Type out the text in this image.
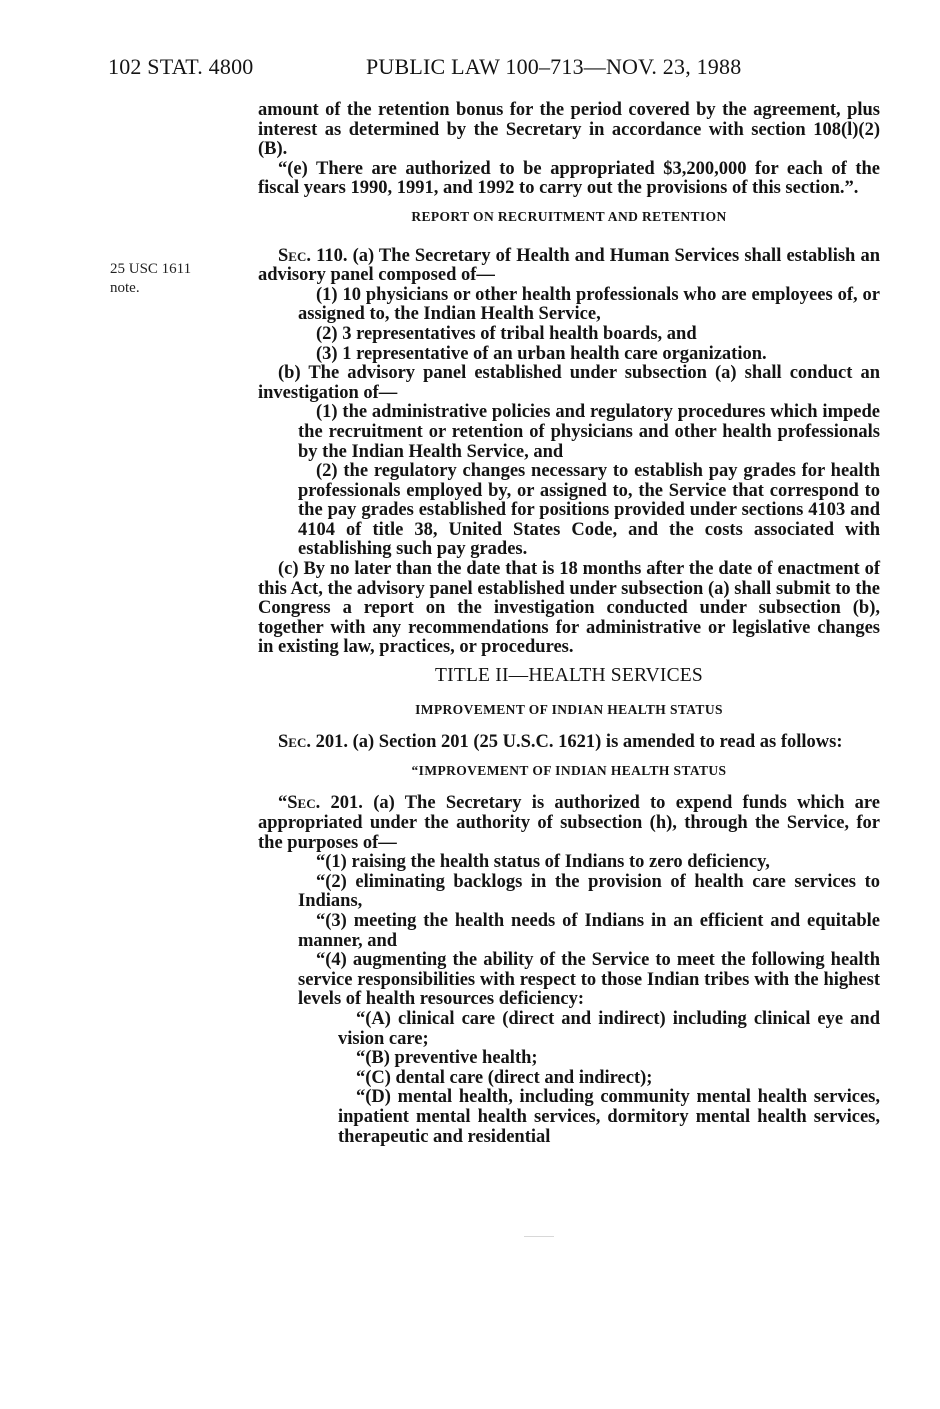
102 STAT. 4800	PUBLIC LAW 100–713—NOV. 23, 1988
25 USC 1611
note.

amount of the retention bonus for the period covered by the agreement, plus interest as determined by the Secretary in accordance with section 108(l)(2)(B).

“(e) There are authorized to be appropriated $3,200,000 for each of the fiscal years 1990, 1991, and 1992 to carry out the provisions of this section.”.

REPORT ON RECRUITMENT AND RETENTION

Sec. 110. (a) The Secretary of Health and Human Services shall establish an advisory panel composed of—

(1) 10 physicians or other health professionals who are employees of, or assigned to, the Indian Health Service,

(2) 3 representatives of tribal health boards, and

(3) 1 representative of an urban health care organization.

(b) The advisory panel established under subsection (a) shall conduct an investigation of—

(1) the administrative policies and regulatory procedures which impede the recruitment or retention of physicians and other health professionals by the Indian Health Service, and

(2) the regulatory changes necessary to establish pay grades for health professionals employed by, or assigned to, the Service that correspond to the pay grades established for positions provided under sections 4103 and 4104 of title 38, United States Code, and the costs associated with establishing such pay grades.

(c) By no later than the date that is 18 months after the date of enactment of this Act, the advisory panel established under subsection (a) shall submit to the Congress a report on the investigation conducted under subsection (b), together with any recommendations for administrative or legislative changes in existing law, practices, or procedures.

TITLE II—HEALTH SERVICES

IMPROVEMENT OF INDIAN HEALTH STATUS

Sec. 201. (a) Section 201 (25 U.S.C. 1621) is amended to read as follows:

“IMPROVEMENT OF INDIAN HEALTH STATUS

“Sec. 201. (a) The Secretary is authorized to expend funds which are appropriated under the authority of subsection (h), through the Service, for the purposes of—

“(1) raising the health status of Indians to zero deficiency,

“(2) eliminating backlogs in the provision of health care services to Indians,

“(3) meeting the health needs of Indians in an efficient and equitable manner, and

“(4) augmenting the ability of the Service to meet the following health service responsibilities with respect to those Indian tribes with the highest levels of health resources deficiency:

“(A) clinical care (direct and indirect) including clinical eye and vision care;

“(B) preventive health;

“(C) dental care (direct and indirect);

“(D) mental health, including community mental health services, inpatient mental health services, dormitory mental health services, therapeutic and residential
